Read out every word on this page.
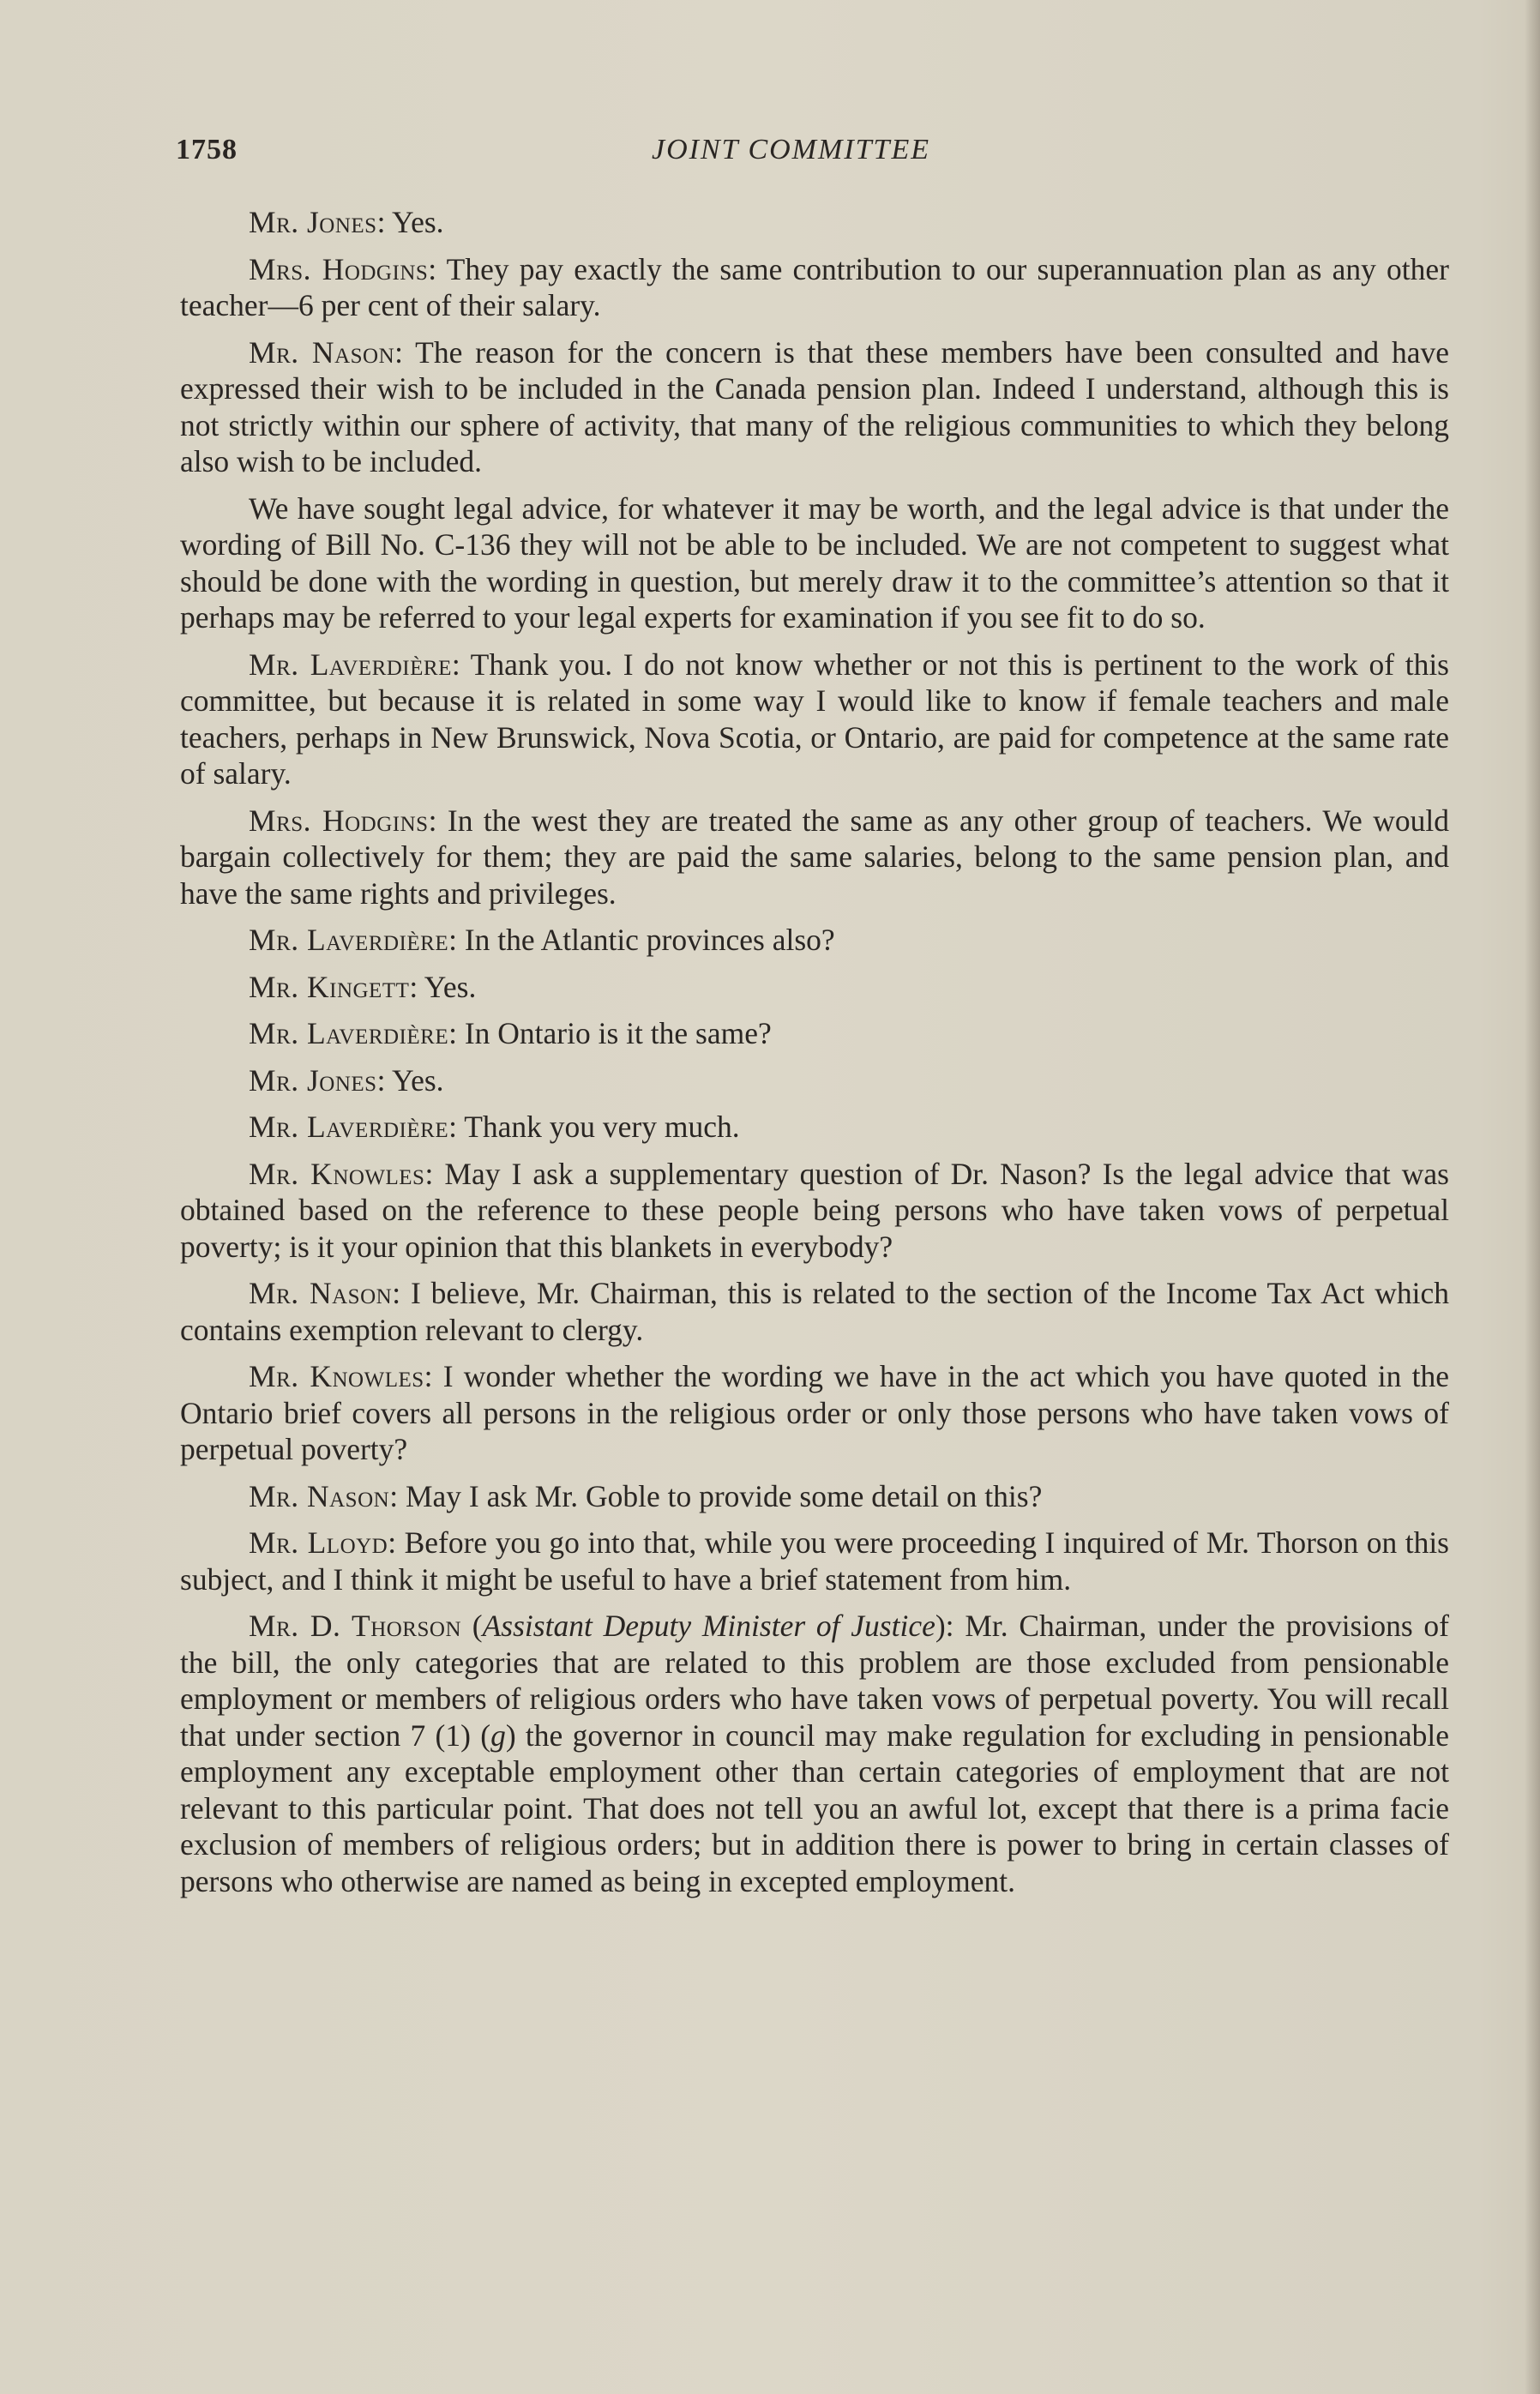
1758	JOINT COMMITTEE

Mr. Jones: Yes.

Mrs. Hodgins: They pay exactly the same contribution to our superannuation plan as any other teacher—6 per cent of their salary.

Mr. Nason: The reason for the concern is that these members have been consulted and have expressed their wish to be included in the Canada pension plan. Indeed I understand, although this is not strictly within our sphere of activity, that many of the religious communities to which they belong also wish to be included.

We have sought legal advice, for whatever it may be worth, and the legal advice is that under the wording of Bill No. C-136 they will not be able to be included. We are not competent to suggest what should be done with the wording in question, but merely draw it to the committee’s attention so that it perhaps may be referred to your legal experts for examination if you see fit to do so.

Mr. Laverdière: Thank you. I do not know whether or not this is pertinent to the work of this committee, but because it is related in some way I would like to know if female teachers and male teachers, perhaps in New Brunswick, Nova Scotia, or Ontario, are paid for competence at the same rate of salary.

Mrs. Hodgins: In the west they are treated the same as any other group of teachers. We would bargain collectively for them; they are paid the same salaries, belong to the same pension plan, and have the same rights and privileges.

Mr. Laverdière: In the Atlantic provinces also?

Mr. Kingett: Yes.

Mr. Laverdière: In Ontario is it the same?

Mr. Jones: Yes.

Mr. Laverdière: Thank you very much.

Mr. Knowles: May I ask a supplementary question of Dr. Nason? Is the legal advice that was obtained based on the reference to these people being persons who have taken vows of perpetual poverty; is it your opinion that this blankets in everybody?

Mr. Nason: I believe, Mr. Chairman, this is related to the section of the Income Tax Act which contains exemption relevant to clergy.

Mr. Knowles: I wonder whether the wording we have in the act which you have quoted in the Ontario brief covers all persons in the religious order or only those persons who have taken vows of perpetual poverty?

Mr. Nason: May I ask Mr. Goble to provide some detail on this?

Mr. Lloyd: Before you go into that, while you were proceeding I inquired of Mr. Thorson on this subject, and I think it might be useful to have a brief statement from him.

Mr. D. Thorson (Assistant Deputy Minister of Justice): Mr. Chairman, under the provisions of the bill, the only categories that are related to this problem are those excluded from pensionable employment or members of religious orders who have taken vows of perpetual poverty. You will recall that under section 7 (1) (g) the governor in council may make regulation for excluding in pensionable employment any exceptable employment other than certain categories of employment that are not relevant to this particular point. That does not tell you an awful lot, except that there is a prima facie exclusion of members of religious orders; but in addition there is power to bring in certain classes of persons who otherwise are named as being in excepted employment.
